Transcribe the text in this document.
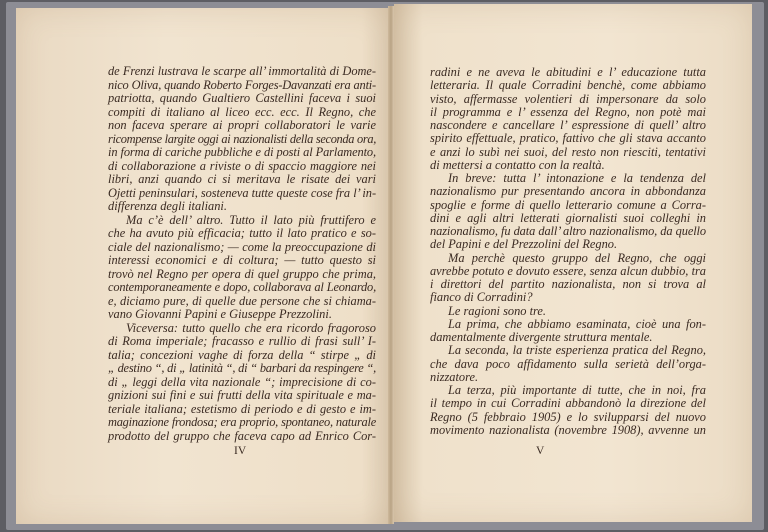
de Frenzi lustrava le scarpe all’ immortalità di Dome-
nico Oliva, quando Roberto Forges-Davanzati era anti-
patriotta, quando Gualtiero Castellini faceva i suoi
compiti di italiano al liceo ecc. ecc. Il Regno, che
non faceva sperare ai propri collaboratori le varie
ricompense largite oggi ai nazionalisti della seconda ora,
in forma di cariche pubbliche e di posti al Parlamento,
di collaborazione a riviste o di spaccio maggiore nei
libri, anzi quando ci si meritava le risate dei vari
Ojetti peninsulari, sosteneva tutte queste cose fra l’ in-
differenza degli italiani.
Ma c’è dell’ altro. Tutto il lato più fruttifero e
che ha avuto più efficacia; tutto il lato pratico e so-
ciale del nazionalismo; — come la preoccupazione di
interessi economici e di coltura; — tutto questo si
trovò nel Regno per opera di quel gruppo che prima,
contemporaneamente e dopo, collaborava al Leonardo,
e, diciamo pure, di quelle due persone che si chiama-
vano Giovanni Papini e Giuseppe Prezzolini.
Viceversa: tutto quello che era ricordo fragoroso
di Roma imperiale; fracasso e rullio di frasi sull’ I-
talia; concezioni vaghe di forza della “ stirpe „ di
„ destino “, di „ latinità “, di “ barbari da respingere “,
di „ leggi della vita nazionale “; imprecisione di co-
gnizioni sui fini e sui frutti della vita spirituale e ma-
teriale italiana; estetismo di periodo e di gesto e im-
maginazione frondosa; era proprio, spontaneo, naturale
prodotto del gruppo che faceva capo ad Enrico Cor-
IV
radini e ne aveva le abitudini e l’ educazione tutta
letteraria. Il quale Corradini benchè, come abbiamo
visto, affermasse volentieri di impersonare da solo
il programma e l’ essenza del Regno, non potè mai
nascondere e cancellare l’ espressione di quell’ altro
spirito effettuale, pratico, fattivo che gli stava accanto
e anzi lo subì nei suoi, del resto non riesciti, tentativi
di mettersi a contatto con la realtà.
In breve: tutta l’ intonazione e la tendenza del
nazionalismo pur presentando ancora in abbondanza
spoglie e forme di quello letterario comune a Corra-
dini e agli altri letterati giornalisti suoi colleghi in
nazionalismo, fu data dall’ altro nazionalismo, da quello
del Papini e del Prezzolini del Regno.
Ma perchè questo gruppo del Regno, che oggi
avrebbe potuto e dovuto essere, senza alcun dubbio, tra
i direttori del partito nazionalista, non si trova al
fianco di Corradini?
Le ragioni sono tre.
La prima, che abbiamo esaminata, cioè una fon-
damentalmente divergente struttura mentale.
La seconda, la triste esperienza pratica del Regno,
che dava poco affidamento sulla serietà dell’orga-
nizzatore.
La terza, più importante di tutte, che in noi, fra
il tempo in cui Corradini abbandonò la direzione del
Regno (5 febbraio 1905) e lo svilupparsi del nuovo
movimento nazionalista (novembre 1908), avvenne un
V
